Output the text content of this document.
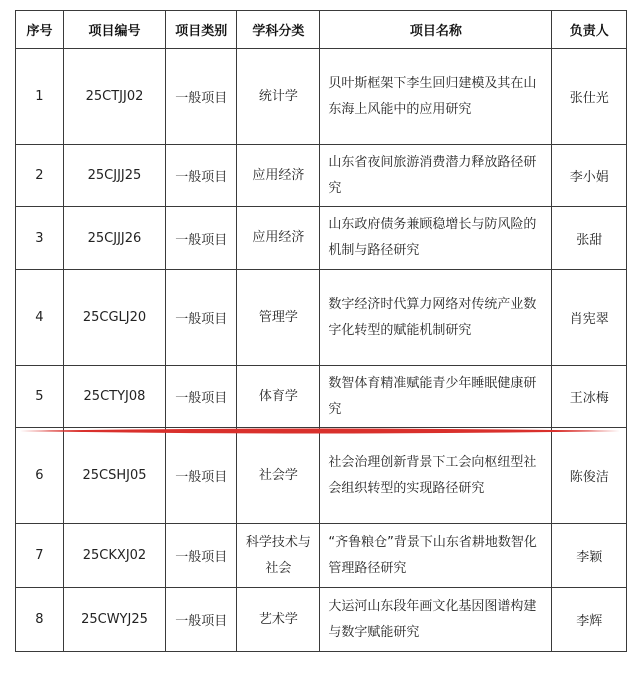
序号	项目编号	项目类别	学科分类	项目名称	负责人
1	25CTJJ02	一般项目	统计学	贝叶斯框架下李生回归建模及其在山东海上风能中的应用研究	张仕光
2	25CJJJ25	一般项目	应用经济	山东省夜间旅游消费潜力释放路径研究	李小娟
3	25CJJJ26	一般项目	应用经济	山东政府债务兼顾稳增长与防风险的机制与路径研究	张甜
4	25CGLJ20	一般项目	管理学	数字经济时代算力网络对传统产业数字化转型的赋能机制研究	肖宪翠
5	25CTYJ08	一般项目	体育学	数智体育精准赋能青少年睡眠健康研究	王冰梅
6	25CSHJ05	一般项目	社会学	社会治理创新背景下工会向枢纽型社会组织转型的实现路径研究	陈俊洁
7	25CKXJ02	一般项目	科学技术与社会	“齐鲁粮仓”背景下山东省耕地数智化管理路径研究	李颖
8	25CWYJ25	一般项目	艺术学	大运河山东段年画文化基因图谱构建与数字赋能研究	李辉
